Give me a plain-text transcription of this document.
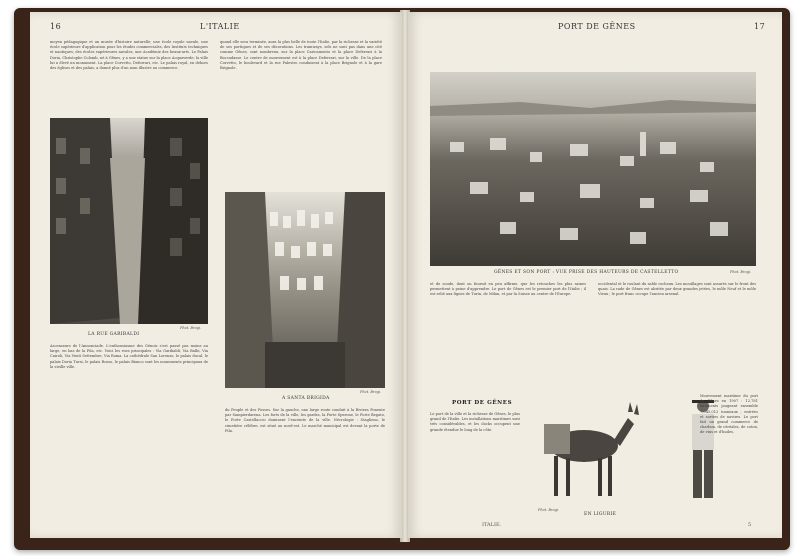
16	L'ITALIE
moyen pédagogique et un musée d'histoire naturelle; une école royale navale, une école supérieure d'application pour les études commerciales, des Instituts techniques et nautiques; des écoles supérieures navales, une Académie des beaux-arts. Le Palais Doria, Christophe Colomb, né à Gênes, y a une statue sur la place Acquaverde; la ville lui a élevé un monument. La place Corvetto, Deferrari, etc. Le palais royal, en dehors des églises et des palais, a donné plus d'un nom illustre au commerce.
quand elle sera terminée, aura la plus belle de toute l'Italie, par la richesse et la variété de ses portiques et de ses décorations. Les tramways, sels ne sont pas dans une cité comme Gênes, sont nombreux, sur la place Caricamento et la place Deferrari à la Boccadasse. Le centre de mouvement est à la place Deferrari, sur la ville. De la place Corvetto, le boulevard et la rue Palestro conduisent à la place Brignole et à la gare Brignole.
Phot. Brogi.
LA RUE GARIBALDI
Phot. Brogi.
A SANTA BRIGIDA
Ascenseurs de l'Annonciade. L'enthousiasme des Génois s'est passé pas moins au large, en bas de la Pila, etc. Voici les rues principales : Via Garibaldi, Via Balbi, Via Cairoli, Via Venti Settembre, Via Roma. La cathédrale San Lorenzo, le palais ducal, le palais Doria Tursi, le palais Rosso, le palais Bianco sont les monuments principaux de la vieille ville.
du Peuple et des Fosses. Sur la gauche, une large route conduit à la Riviera Ponente par Sampierdarena. Les forts de la ville, les gardes, la Forte Sperone, le Forte Begato, le Forte Castellaccio dominent l'enceinte de la ville. Nécrologie : Staglieno, le cimetière célèbre, est situé au nord-est. Le marché municipal est devant la porte de Pila.
PORT DE GÊNES	17
GÊNES ET SON PORT : VUE PRISE DES HAUTEURS DE CASTELLETTO	Phot. Brogi.
et de soude, dont on fournit en peu affirme, que les retouches les plus saines permettent à peine d'apprendre. Le port de Gênes est le premier port de l'Italie ; il est relié aux lignes de Turin, de Milan, et par la Suisse au centre de l'Europe.
occidental et le roulant du sable rocheux. Les mouillages sont assurés sur le front des quais. La rade de Gênes est abritée par deux grandes jetées, le môle Neuf et le môle Vieux ; le port franc occupe l'ancien arsenal.
PORT DE GÊNES
Le port de la ville et la richesse de Gênes, le plus grand de l'Italie. Les installations maritimes sont très considérables, et les docks occupent une grande étendue le long de la côte.
Phot. Brogi.
EN LIGURIE
Mouvement maritime du port de Gênes en 1907 : 12,781 bâtiments jaugeant ensemble 7,045,012 tonneaux ; entrées et sorties de navires. Le port fait un grand commerce de charbon, de céréales, de coton, de vins et d'huiles.
ITALIE.	5
